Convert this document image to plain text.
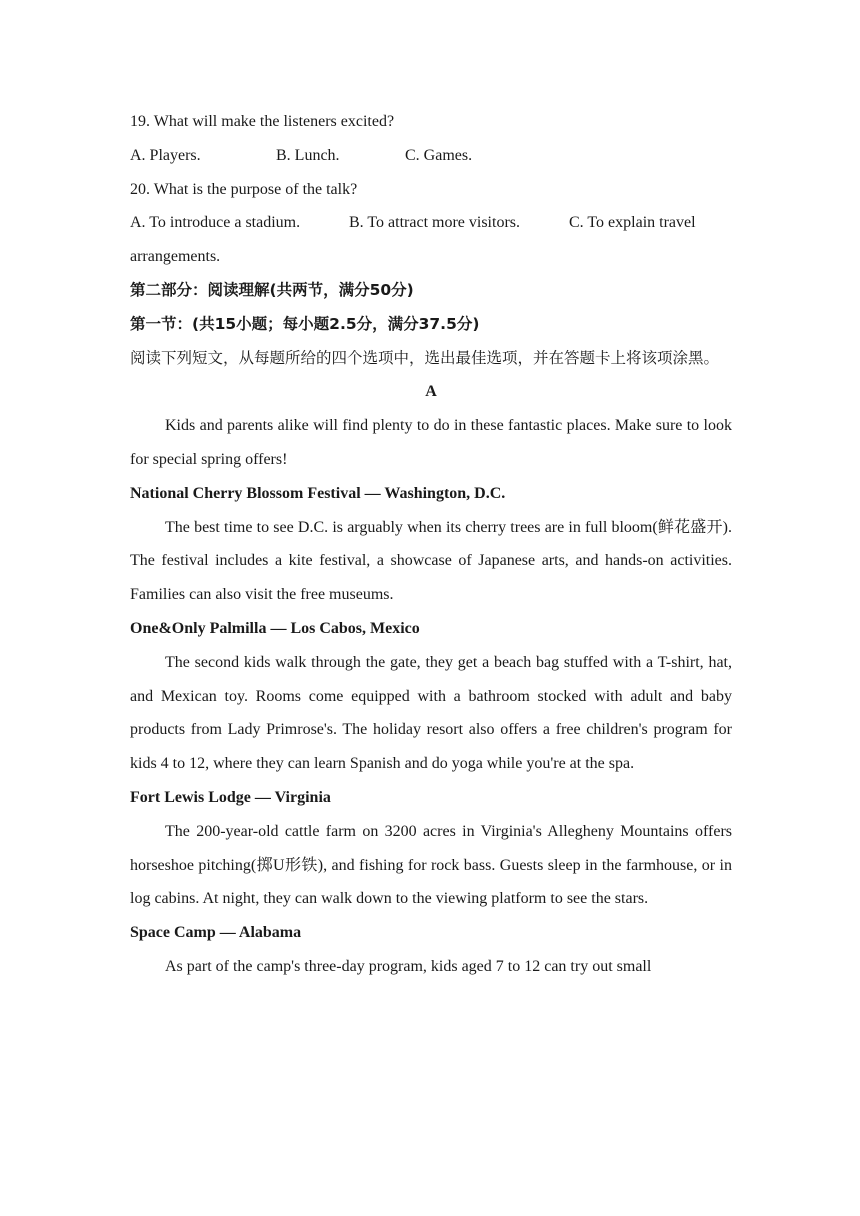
19. What will make the listeners excited?

A. Players.	B. Lunch.	C. Games.

20. What is the purpose of the talk?

A. To introduce a stadium.	B. To attract more visitors.	C. To explain travel

arrangements.

第二部分：阅读理解(共两节，满分50分)

第一节：(共15小题；每小题2.5分，满分37.5分)

阅读下列短文，从每题所给的四个选项中，选出最佳选项，并在答题卡上将该项涂黑。

A

Kids and parents alike will find plenty to do in these fantastic places. Make sure to look for special spring offers!

National Cherry Blossom Festival — Washington, D.C.

The best time to see D.C. is arguably when its cherry trees are in full bloom(鲜花盛开). The festival includes a kite festival, a showcase of Japanese arts, and hands-on activities. Families can also visit the free museums.

One&Only Palmilla — Los Cabos, Mexico

The second kids walk through the gate, they get a beach bag stuffed with a T-shirt, hat, and Mexican toy. Rooms come equipped with a bathroom stocked with adult and baby products from Lady Primrose's. The holiday resort also offers a free children's program for kids 4 to 12, where they can learn Spanish and do yoga while you're at the spa.

Fort Lewis Lodge — Virginia

The 200-year-old cattle farm on 3200 acres in Virginia's Allegheny Mountains offers horseshoe pitching(掷U形铁), and fishing for rock bass. Guests sleep in the farmhouse, or in log cabins. At night, they can walk down to the viewing platform to see the stars.

Space Camp — Alabama

As part of the camp's three-day program, kids aged 7 to 12 can try out small
